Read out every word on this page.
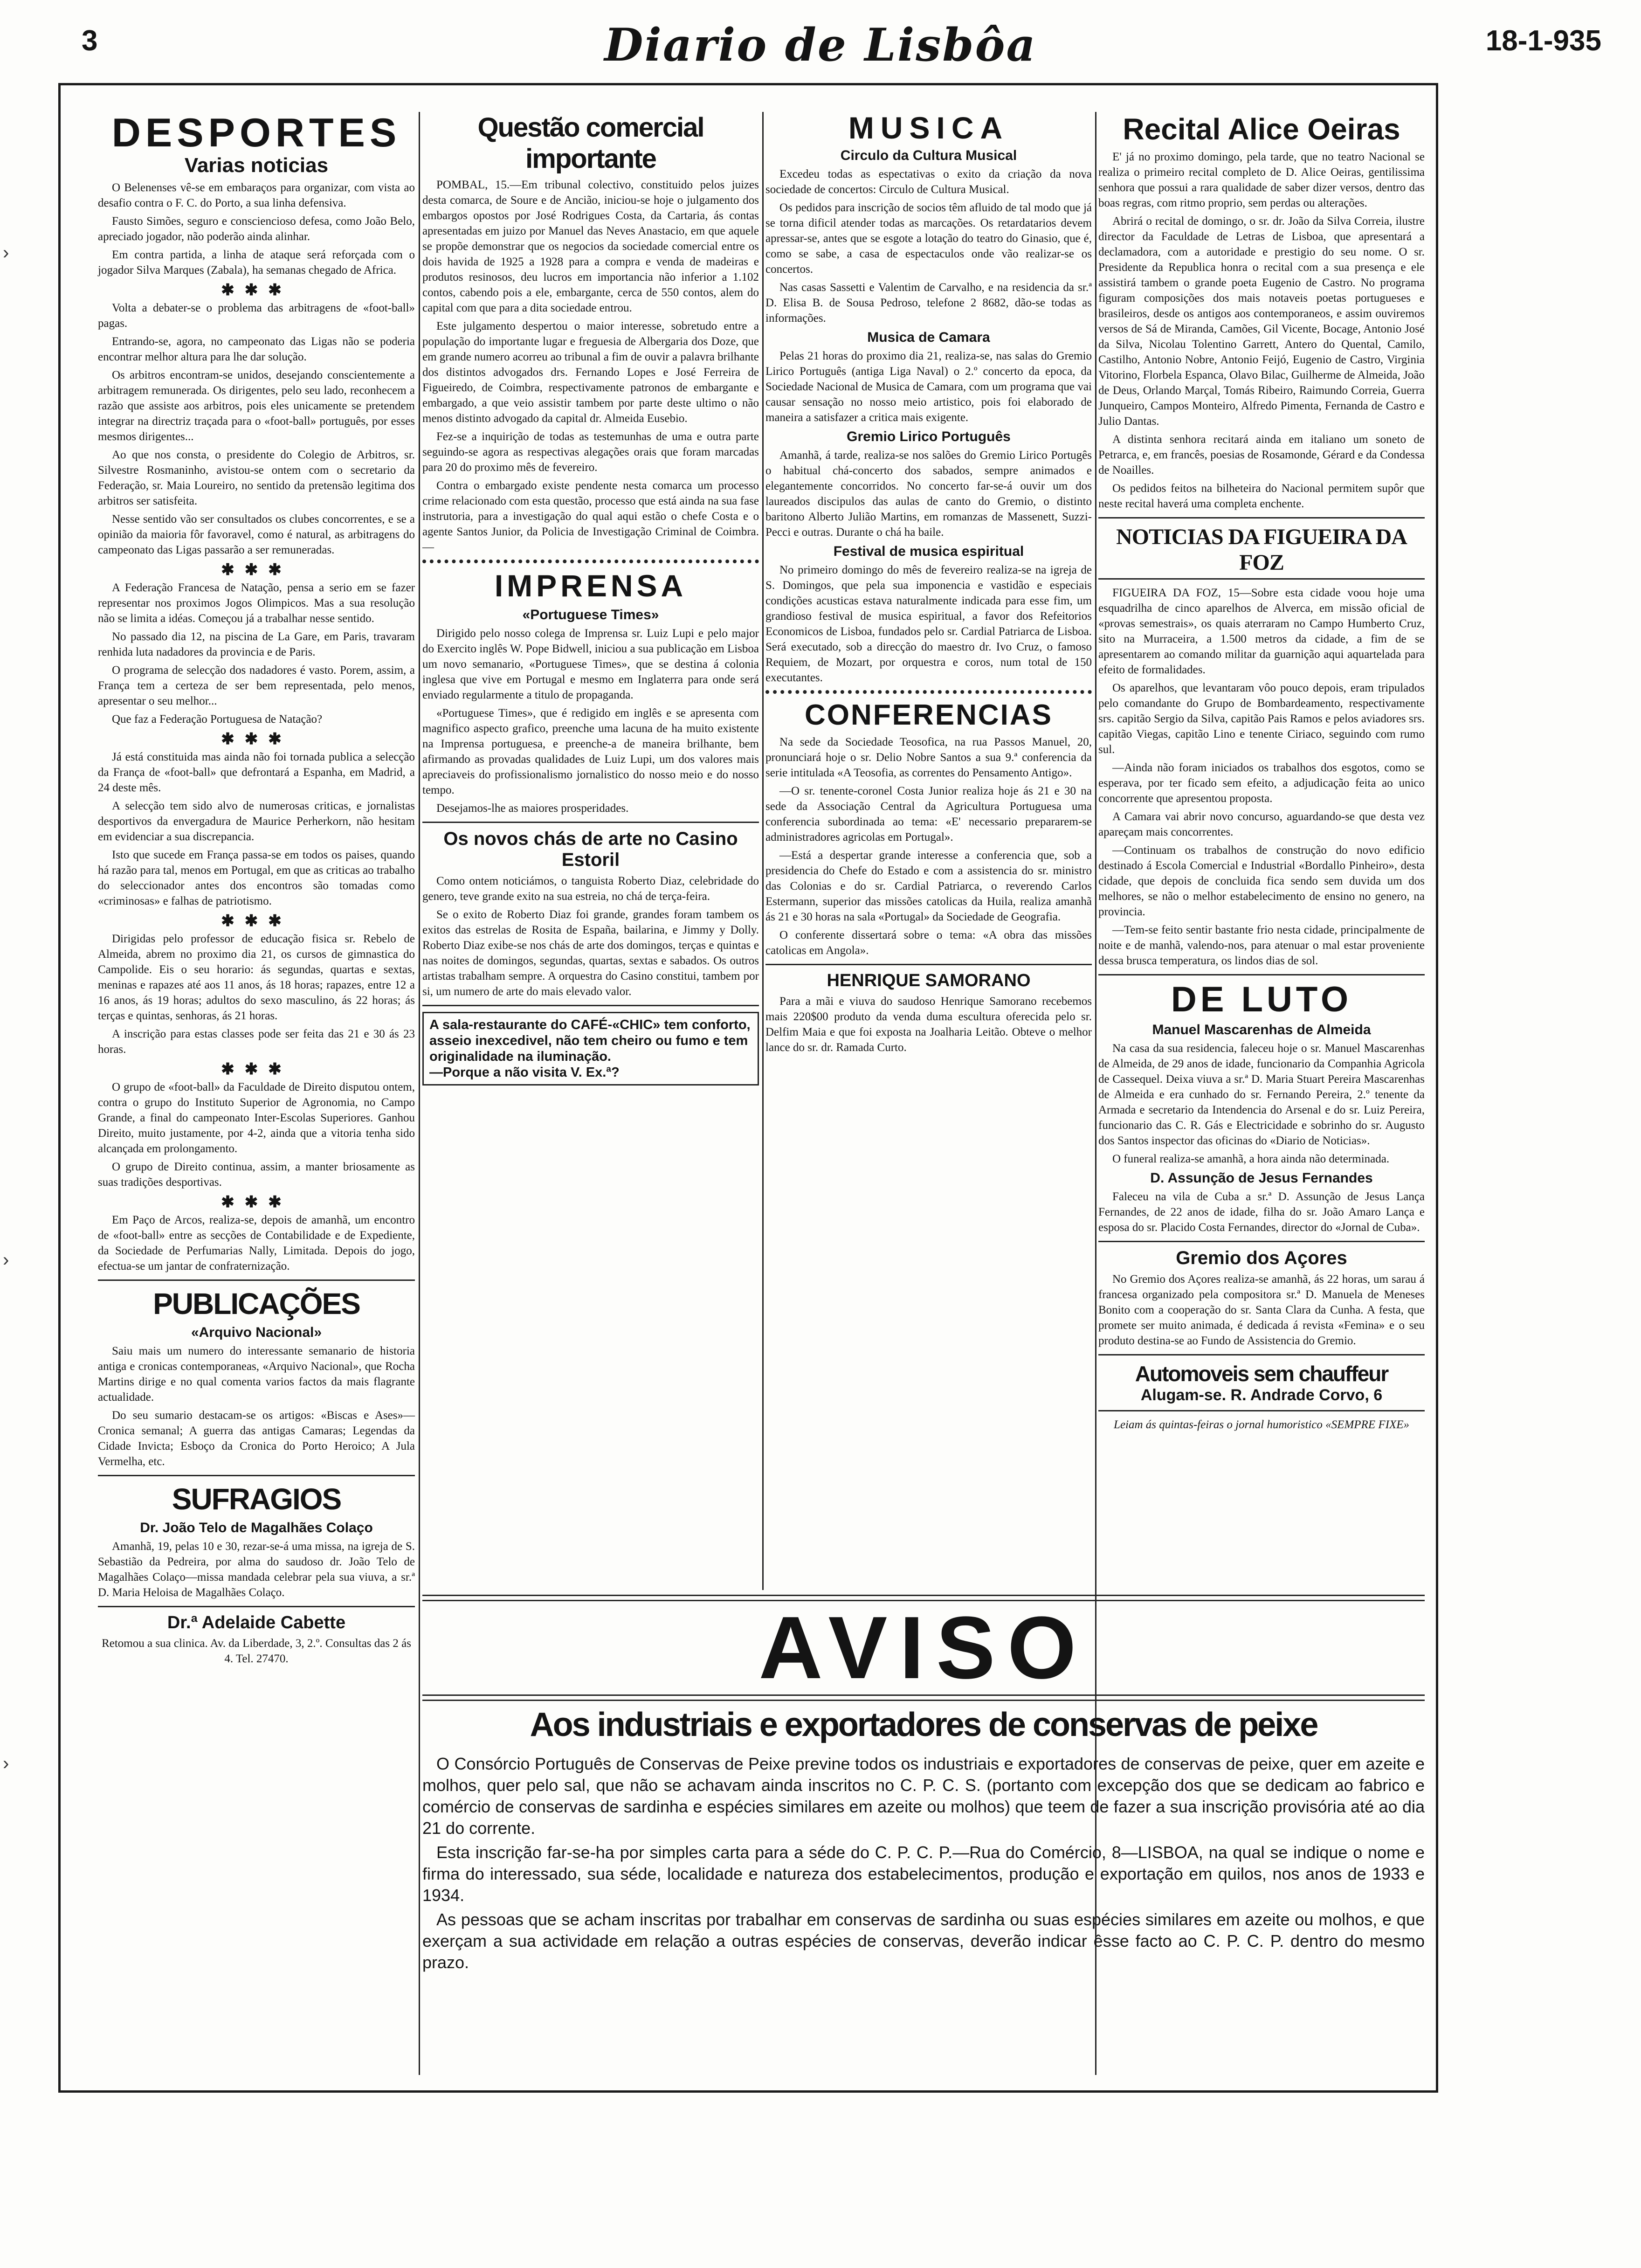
3	Diario de Lisbôa	18-1-935
DESPORTES
Varias noticias

O Belenenses vê-se em embaraços para organizar, com vista ao desafio contra o F. C. do Porto, a sua linha defensiva.

Fausto Simões, seguro e consciencioso defesa, como João Belo, apreciado jogador, não poderão ainda alinhar.

Em contra partida, a linha de ataque será reforçada com o jogador Silva Marques (Zabala), ha semanas chegado de Africa.

✱✱✱

Volta a debater-se o problema das arbitragens de «foot-ball» pagas.

Entrando-se, agora, no campeonato das Ligas não se poderia encontrar melhor altura para lhe dar solução.

Os arbitros encontram-se unidos, desejando conscientemente a arbitragem remunerada. Os dirigentes, pelo seu lado, reconhecem a razão que assiste aos arbitros, pois eles unicamente se pretendem integrar na directriz traçada para o «foot-ball» português, por esses mesmos dirigentes...

Ao que nos consta, o presidente do Colegio de Arbitros, sr. Silvestre Rosmaninho, avistou-se ontem com o secretario da Federação, sr. Maia Loureiro, no sentido da pretensão legitima dos arbitros ser satisfeita.

Nesse sentido vão ser consultados os clubes concorrentes, e se a opinião da maioria fôr favoravel, como é natural, as arbitragens do campeonato das Ligas passarão a ser remuneradas.

✱✱✱

A Federação Francesa de Natação, pensa a serio em se fazer representar nos proximos Jogos Olimpicos. Mas a sua resolução não se limita a idéas. Começou já a trabalhar nesse sentido.

No passado dia 12, na piscina de La Gare, em Paris, travaram renhida luta nadadores da provincia e de Paris.

O programa de selecção dos nadadores é vasto. Porem, assim, a França tem a certeza de ser bem representada, pelo menos, apresentar o seu melhor...

Que faz a Federação Portuguesa de Natação?

✱✱✱

Já está constituida mas ainda não foi tornada publica a selecção da França de «foot-ball» que defrontará a Espanha, em Madrid, a 24 deste mês.

A selecção tem sido alvo de numerosas criticas, e jornalistas desportivos da envergadura de Maurice Perherkorn, não hesitam em evidenciar a sua discrepancia.

Isto que sucede em França passa-se em todos os paises, quando há razão para tal, menos em Portugal, em que as criticas ao trabalho do seleccionador antes dos encontros são tomadas como «criminosas» e falhas de patriotismo.

✱✱✱

Dirigidas pelo professor de educação fisica sr. Rebelo de Almeida, abrem no proximo dia 21, os cursos de gimnastica do Campolide. Eis o seu horario: ás segundas, quartas e sextas, meninas e rapazes até aos 11 anos, ás 18 horas; rapazes, entre 12 a 16 anos, ás 19 horas; adultos do sexo masculino, ás 22 horas; ás terças e quintas, senhoras, ás 21 horas.

A inscrição para estas classes pode ser feita das 21 e 30 ás 23 horas.

✱✱✱

O grupo de «foot-ball» da Faculdade de Direito disputou ontem, contra o grupo do Instituto Superior de Agronomia, no Campo Grande, a final do campeonato Inter-Escolas Superiores. Ganhou Direito, muito justamente, por 4-2, ainda que a vitoria tenha sido alcançada em prolongamento.

O grupo de Direito continua, assim, a manter briosamente as suas tradições desportivas.

✱✱✱

Em Paço de Arcos, realiza-se, depois de amanhã, um encontro de «foot-ball» entre as secções de Contabilidade e de Expediente, da Sociedade de Perfumarias Nally, Limitada. Depois do jogo, efectua-se um jantar de confraternização.

PUBLICAÇÕES
«Arquivo Nacional»

Saiu mais um numero do interessante semanario de historia antiga e cronicas contemporaneas, «Arquivo Nacional», que Rocha Martins dirige e no qual comenta varios factos da mais flagrante actualidade.

Do seu sumario destacam-se os artigos: «Biscas e Ases»—Cronica semanal; A guerra das antigas Camaras; Legendas da Cidade Invicta; Esboço da Cronica do Porto Heroico; A Jula Vermelha, etc.

SUFRAGIOS
Dr. João Telo de Magalhães Colaço

Amanhã, 19, pelas 10 e 30, rezar-se-á uma missa, na igreja de S. Sebastião da Pedreira, por alma do saudoso dr. João Telo de Magalhães Colaço—missa mandada celebrar pela sua viuva, a sr.ª D. Maria Heloisa de Magalhães Colaço.

Dr.ª Adelaide Cabette

Retomou a sua clinica. Av. da Liberdade, 3, 2.º. Consultas das 2 ás 4. Tel. 27470.

Questão comercial importante

POMBAL, 15.—Em tribunal colectivo, constituido pelos juizes desta comarca, de Soure e de Ancião, iniciou-se hoje o julgamento dos embargos opostos por José Rodrigues Costa, da Cartaria, ás contas apresentadas em juizo por Manuel das Neves Anastacio, em que aquele se propõe demonstrar que os negocios da sociedade comercial entre os dois havida de 1925 a 1928 para a compra e venda de madeiras e produtos resinosos, deu lucros em importancia não inferior a 1.102 contos, cabendo pois a ele, embargante, cerca de 550 contos, alem do capital com que para a dita sociedade entrou.

Este julgamento despertou o maior interesse, sobretudo entre a população do importante lugar e freguesia de Albergaria dos Doze, que em grande numero acorreu ao tribunal a fim de ouvir a palavra brilhante dos distintos advogados drs. Fernando Lopes e José Ferreira de Figueiredo, de Coimbra, respectivamente patronos de embargante e embargado, a que veio assistir tambem por parte deste ultimo o não menos distinto advogado da capital dr. Almeida Eusebio.

Fez-se a inquirição de todas as testemunhas de uma e outra parte seguindo-se agora as respectivas alegações orais que foram marcadas para 20 do proximo mês de fevereiro.

Contra o embargado existe pendente nesta comarca um processo crime relacionado com esta questão, processo que está ainda na sua fase instrutoria, para a investigação do qual aqui estão o chefe Costa e o agente Santos Junior, da Policia de Investigação Criminal de Coimbra.—

IMPRENSA
«Portuguese Times»

Dirigido pelo nosso colega de Imprensa sr. Luiz Lupi e pelo major do Exercito inglês W. Pope Bidwell, iniciou a sua publicação em Lisboa um novo semanario, «Portuguese Times», que se destina á colonia inglesa que vive em Portugal e mesmo em Inglaterra para onde será enviado regularmente a titulo de propaganda.

«Portuguese Times», que é redigido em inglês e se apresenta com magnifico aspecto grafico, preenche uma lacuna de ha muito existente na Imprensa portuguesa, e preenche-a de maneira brilhante, bem afirmando as provadas qualidades de Luiz Lupi, um dos valores mais apreciaveis do profissionalismo jornalistico do nosso meio e do nosso tempo.

Desejamos-lhe as maiores prosperidades.

Os novos chás de arte no Casino Estoril

Como ontem noticiámos, o tanguista Roberto Diaz, celebridade do genero, teve grande exito na sua estreia, no chá de terça-feira.

Se o exito de Roberto Diaz foi grande, grandes foram tambem os exitos das estrelas de Rosita de España, bailarina, e Jimmy y Dolly. Roberto Diaz exibe-se nos chás de arte dos domingos, terças e quintas e nas noites de domingos, segundas, quartas, sextas e sabados. Os outros artistas trabalham sempre. A orquestra do Casino constitui, tambem por si, um numero de arte do mais elevado valor.

A sala-restaurante do CAFÉ-«CHIC» tem conforto, asseio inexcedivel, não tem cheiro ou fumo e tem originalidade na iluminação.
—Porque a não visita V. Ex.ª?
MUSICA
Circulo da Cultura Musical

Excedeu todas as espectativas o exito da criação da nova sociedade de concertos: Circulo de Cultura Musical.

Os pedidos para inscrição de socios têm afluido de tal modo que já se torna dificil atender todas as marcações. Os retardatarios devem apressar-se, antes que se esgote a lotação do teatro do Ginasio, que é, como se sabe, a casa de espectaculos onde vão realizar-se os concertos.

Nas casas Sassetti e Valentim de Carvalho, e na residencia da sr.ª D. Elisa B. de Sousa Pedroso, telefone 2 8682, dão-se todas as informações.

Musica de Camara

Pelas 21 horas do proximo dia 21, realiza-se, nas salas do Gremio Lirico Português (antiga Liga Naval) o 2.º concerto da epoca, da Sociedade Nacional de Musica de Camara, com um programa que vai causar sensação no nosso meio artistico, pois foi elaborado de maneira a satisfazer a critica mais exigente.

Gremio Lirico Português

Amanhã, á tarde, realiza-se nos salões do Gremio Lirico Portugês o habitual chá-concerto dos sabados, sempre animados e elegantemente concorridos. No concerto far-se-á ouvir um dos laureados discipulos das aulas de canto do Gremio, o distinto baritono Alberto Julião Martins, em romanzas de Massenett, Suzzi-Pecci e outras. Durante o chá ha baile.

Festival de musica espiritual

No primeiro domingo do mês de fevereiro realiza-se na igreja de S. Domingos, que pela sua imponencia e vastidão e especiais condições acusticas estava naturalmente indicada para esse fim, um grandioso festival de musica espiritual, a favor dos Refeitorios Economicos de Lisboa, fundados pelo sr. Cardial Patriarca de Lisboa. Será executado, sob a direcção do maestro dr. Ivo Cruz, o famoso Requiem, de Mozart, por orquestra e coros, num total de 150 executantes.

CONFERENCIAS

Na sede da Sociedade Teosofica, na rua Passos Manuel, 20, pronunciará hoje o sr. Delio Nobre Santos a sua 9.ª conferencia da serie intitulada «A Teosofia, as correntes do Pensamento Antigo».

—O sr. tenente-coronel Costa Junior realiza hoje ás 21 e 30 na sede da Associação Central da Agricultura Portuguesa uma conferencia subordinada ao tema: «E' necessario prepararem-se administradores agricolas em Portugal».

—Está a despertar grande interesse a conferencia que, sob a presidencia do Chefe do Estado e com a assistencia do sr. ministro das Colonias e do sr. Cardial Patriarca, o reverendo Carlos Estermann, superior das missões catolicas da Huila, realiza amanhã ás 21 e 30 horas na sala «Portugal» da Sociedade de Geografia.

O conferente dissertará sobre o tema: «A obra das missões catolicas em Angola».

HENRIQUE SAMORANO

Para a mãi e viuva do saudoso Henrique Samorano recebemos mais 220$00 produto da venda duma escultura oferecida pelo sr. Delfim Maia e que foi exposta na Joalharia Leitão. Obteve o melhor lance do sr. dr. Ramada Curto.

Recital Alice Oeiras

E' já no proximo domingo, pela tarde, que no teatro Nacional se realiza o primeiro recital completo de D. Alice Oeiras, gentilissima senhora que possui a rara qualidade de saber dizer versos, dentro das boas regras, com ritmo proprio, sem perdas ou alterações.

Abrirá o recital de domingo, o sr. dr. João da Silva Correia, ilustre director da Faculdade de Letras de Lisboa, que apresentará a declamadora, com a autoridade e prestigio do seu nome. O sr. Presidente da Republica honra o recital com a sua presença e ele assistirá tambem o grande poeta Eugenio de Castro. No programa figuram composições dos mais notaveis poetas portugueses e brasileiros, desde os antigos aos contemporaneos, e assim ouviremos versos de Sá de Miranda, Camões, Gil Vicente, Bocage, Antonio José da Silva, Nicolau Tolentino Garrett, Antero do Quental, Camilo, Castilho, Antonio Nobre, Antonio Feijó, Eugenio de Castro, Virginia Vitorino, Florbela Espanca, Olavo Bilac, Guilherme de Almeida, João de Deus, Orlando Marçal, Tomás Ribeiro, Raimundo Correia, Guerra Junqueiro, Campos Monteiro, Alfredo Pimenta, Fernanda de Castro e Julio Dantas.

A distinta senhora recitará ainda em italiano um soneto de Petrarca, e, em francês, poesias de Rosamonde, Gérard e da Condessa de Noailles.

Os pedidos feitos na bilheteira do Nacional permitem supôr que neste recital haverá uma completa enchente.

NOTICIAS DA FIGUEIRA DA FOZ

FIGUEIRA DA FOZ, 15—Sobre esta cidade voou hoje uma esquadrilha de cinco aparelhos de Alverca, em missão oficial de «provas semestrais», os quais aterraram no Campo Humberto Cruz, sito na Murraceira, a 1.500 metros da cidade, a fim de se apresentarem ao comando militar da guarnição aqui aquartelada para efeito de formalidades.

Os aparelhos, que levantaram vôo pouco depois, eram tripulados pelo comandante do Grupo de Bombardeamento, respectivamente srs. capitão Sergio da Silva, capitão Pais Ramos e pelos aviadores srs. capitão Viegas, capitão Lino e tenente Ciriaco, seguindo com rumo sul.

—Ainda não foram iniciados os trabalhos dos esgotos, como se esperava, por ter ficado sem efeito, a adjudicação feita ao unico concorrente que apresentou proposta.

A Camara vai abrir novo concurso, aguardando-se que desta vez apareçam mais concorrentes.

—Continuam os trabalhos de construção do novo edificio destinado á Escola Comercial e Industrial «Bordallo Pinheiro», desta cidade, que depois de concluida fica sendo sem duvida um dos melhores, se não o melhor estabelecimento de ensino no genero, na provincia.

—Tem-se feito sentir bastante frio nesta cidade, principalmente de noite e de manhã, valendo-nos, para atenuar o mal estar proveniente dessa brusca temperatura, os lindos dias de sol.

DE LUTO
Manuel Mascarenhas de Almeida

Na casa da sua residencia, faleceu hoje o sr. Manuel Mascarenhas de Almeida, de 29 anos de idade, funcionario da Companhia Agricola de Cassequel. Deixa viuva a sr.ª D. Maria Stuart Pereira Mascarenhas de Almeida e era cunhado do sr. Fernando Pereira, 2.º tenente da Armada e secretario da Intendencia do Arsenal e do sr. Luiz Pereira, funcionario das C. R. Gás e Electricidade e sobrinho do sr. Augusto dos Santos inspector das oficinas do «Diario de Noticias».

O funeral realiza-se amanhã, a hora ainda não determinada.

D. Assunção de Jesus Fernandes

Faleceu na vila de Cuba a sr.ª D. Assunção de Jesus Lança Fernandes, de 22 anos de idade, filha do sr. João Amaro Lança e esposa do sr. Placido Costa Fernandes, director do «Jornal de Cuba».

Gremio dos Açores

No Gremio dos Açores realiza-se amanhã, ás 22 horas, um sarau á francesa organizado pela compositora sr.ª D. Manuela de Meneses Bonito com a cooperação do sr. Santa Clara da Cunha. A festa, que promete ser muito animada, é dedicada á revista «Femina» e o seu produto destina-se ao Fundo de Assistencia do Gremio.

Automoveis sem chauffeur
Alugam-se. R. Andrade Corvo, 6

Leiam ás quintas-feiras o jornal humoristico «SEMPRE FIXE»

AVISO
Aos industriais e exportadores de conservas de peixe

O Consórcio Português de Conservas de Peixe previne todos os industriais e exportadores de conservas de peixe, quer em azeite e molhos, quer pelo sal, que não se achavam ainda inscritos no C. P. C. S. (portanto com excepção dos que se dedicam ao fabrico e comércio de conservas de sardinha e espécies similares em azeite ou molhos) que teem de fazer a sua inscrição provisória até ao dia 21 do corrente.

Esta inscrição far-se-ha por simples carta para a séde do C. P. C. P.—Rua do Comércio, 8—LISBOA, na qual se indique o nome e firma do interessado, sua séde, localidade e natureza dos estabelecimentos, produção e exportação em quilos, nos anos de 1933 e 1934.

As pessoas que se acham inscritas por trabalhar em conservas de sardinha ou suas espécies similares em azeite ou molhos, e que exerçam a sua actividade em relação a outras espécies de conservas, deverão indicar êsse facto ao C. P. C. P. dentro do mesmo prazo.

›
›
›
